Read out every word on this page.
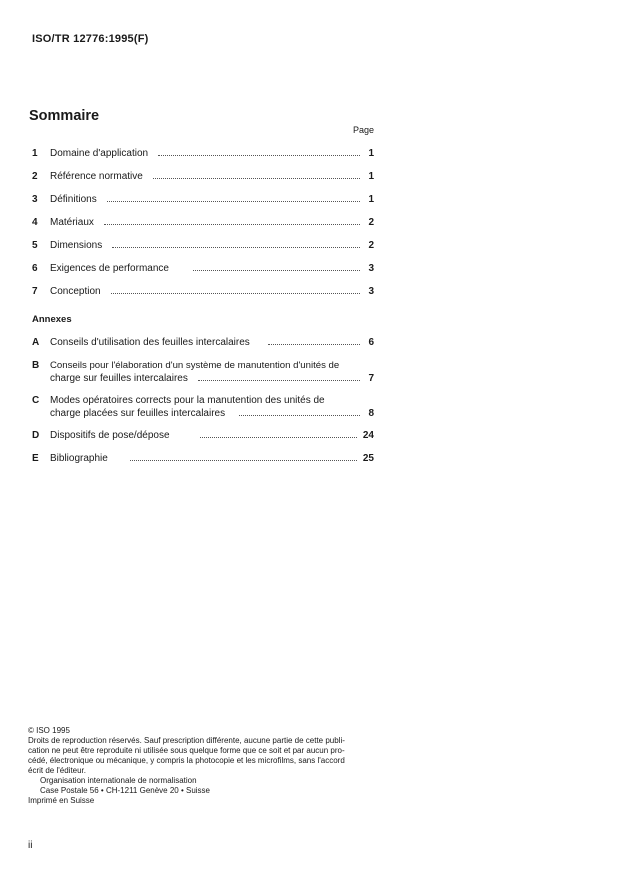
ISO/TR 12776:1995(F)
Sommaire
Page
1	Domaine d'application	1
2	Référence normative	1
3	Définitions	1
4	Matériaux	2
5	Dimensions	2
6	Exigences de performance	3
7	Conception	3
Annexes
A	Conseils d'utilisation des feuilles intercalaires	6
B	Conseils pour l'élaboration d'un système de manutention d'unités de
charge sur feuilles intercalaires	7
C	Modes opératoires corrects pour la manutention des unités de
charge placées sur feuilles intercalaires	8
D	Dispositifs de pose/dépose	24
E	Bibliographie	25
© ISO 1995
Droits de reproduction réservés. Sauf prescription différente, aucune partie de cette publi-
cation ne peut être reproduite ni utilisée sous quelque forme que ce soit et par aucun pro-
cédé, électronique ou mécanique, y compris la photocopie et les microfilms, sans l'accord
écrit de l'éditeur.
Organisation internationale de normalisation
Case Postale 56 • CH-1211 Genève 20 • Suisse
Imprimé en Suisse
ii
